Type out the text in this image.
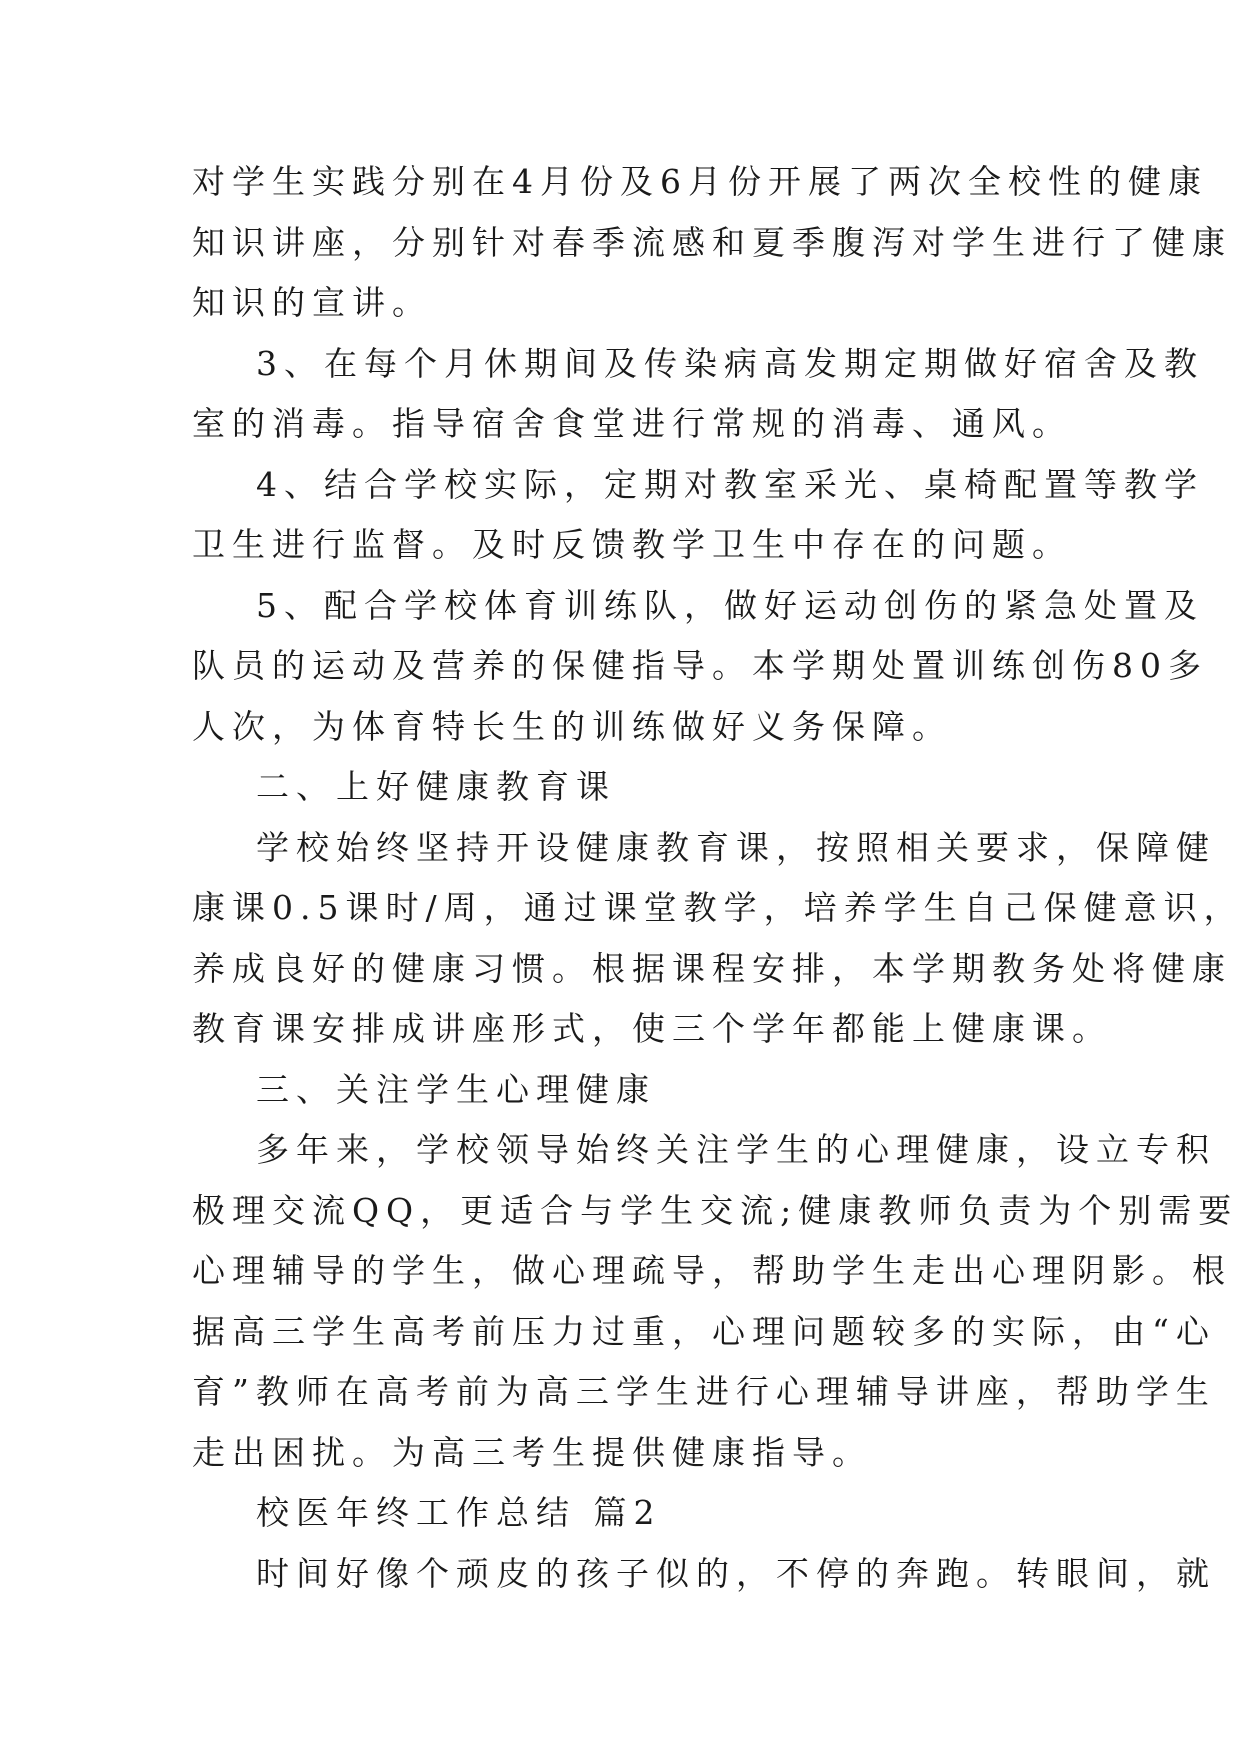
对学生实践分别在4月份及6月份开展了两次全校性的健康
知识讲座，分别针对春季流感和夏季腹泻对学生进行了健康
知识的宣讲。
3、在每个月休期间及传染病高发期定期做好宿舍及教
室的消毒。指导宿舍食堂进行常规的消毒、通风。
4、结合学校实际，定期对教室采光、桌椅配置等教学
卫生进行监督。及时反馈教学卫生中存在的问题。
5、配合学校体育训练队，做好运动创伤的紧急处置及
队员的运动及营养的保健指导。本学期处置训练创伤80多
人次，为体育特长生的训练做好义务保障。
二、上好健康教育课
学校始终坚持开设健康教育课，按照相关要求，保障健
康课0.5课时/周，通过课堂教学，培养学生自己保健意识，
养成良好的健康习惯。根据课程安排，本学期教务处将健康
教育课安排成讲座形式，使三个学年都能上健康课。
三、关注学生心理健康
多年来，学校领导始终关注学生的心理健康，设立专积
极理交流QQ，更适合与学生交流;健康教师负责为个别需要
心理辅导的学生，做心理疏导，帮助学生走出心理阴影。根
据高三学生高考前压力过重，心理问题较多的实际，由“心
育”教师在高考前为高三学生进行心理辅导讲座，帮助学生
走出困扰。为高三考生提供健康指导。
校医年终工作总结 篇2
时间好像个顽皮的孩子似的，不停的奔跑。转眼间，就
